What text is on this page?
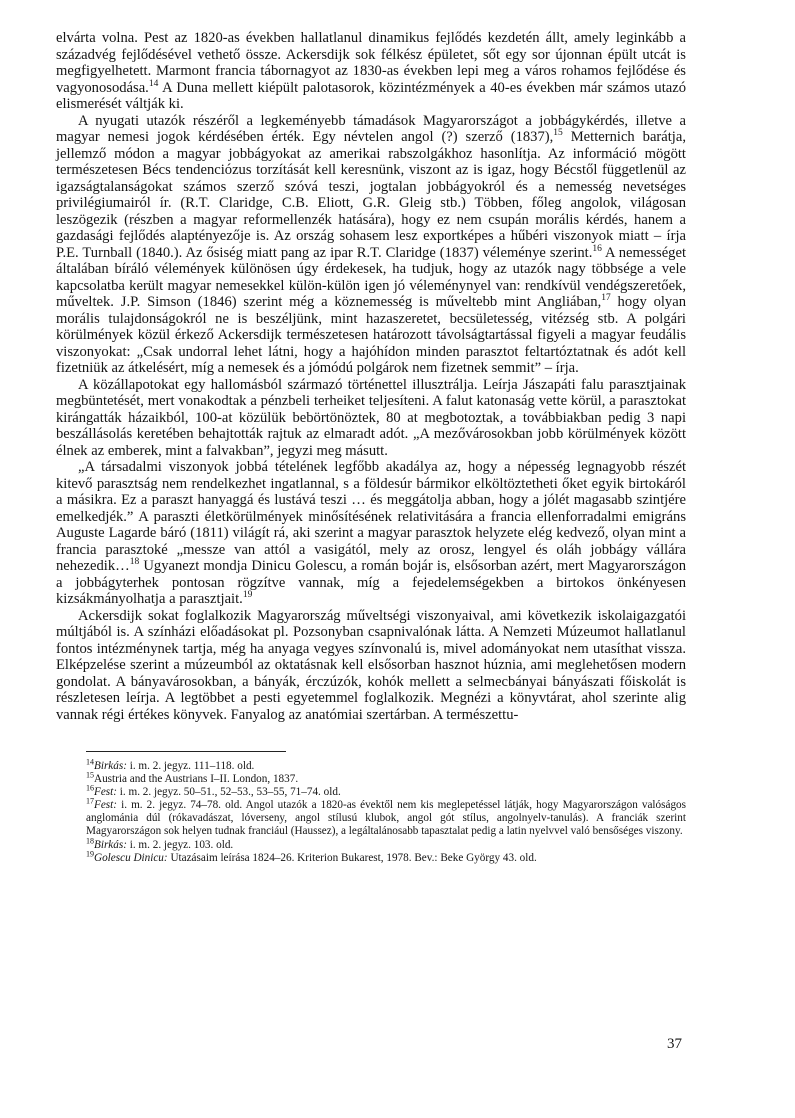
elvárta volna. Pest az 1820-as években hallatlanul dinamikus fejlődés kezdetén állt, amely leginkább a századvég fejlődésével vethető össze. Ackersdijk sok félkész épületet, sőt egy sor újonnan épült utcát is megfigyelhetett. Marmont francia tábornagyot az 1830-as években lepi meg a város rohamos fejlődése és vagyonosodása.$^{14}$ A Duna mellett kiépült palotasorok, közintézmények a 40-es években már számos utazó elismerését váltják ki.

A nyugati utazók részéről a legkeményebb támadások Magyarországot a jobbágykérdés, illetve a magyar nemesi jogok kérdésében érték. Egy névtelen angol (?) szerző (1837),$^{15}$ Metternich barátja, jellemző módon a magyar jobbágyokat az amerikai rabszolgákhoz hasonlítja. Az információ mögött természetesen Bécs tendenciózus torzítását kell keresnünk, viszont az is igaz, hogy Bécstől függetlenül az igazságtalanságokat számos szerző szóvá teszi, jogtalan jobbágyokról és a nemesség nevetséges privilégiumairól ír. (R.T. Claridge, C.B. Eliott, G.R. Gleig stb.) Többen, főleg angolok, világosan leszögezik (részben a magyar reformellenzék hatására), hogy ez nem csupán morális kérdés, hanem a gazdasági fejlődés alaptényezője is. Az ország sohasem lesz exportképes a hűbéri viszonyok miatt – írja P.E. Turnball (1840.). Az ősiség miatt pang az ipar R.T. Claridge (1837) véleménye szerint.$^{16}$ A nemességet általában bíráló vélemények különösen úgy érdekesek, ha tudjuk, hogy az utazók nagy többsége a vele kapcsolatba került magyar nemesekkel külön-külön igen jó véleménynyel van: rendkívül vendégszeretőek, műveltek. J.P. Simson (1846) szerint még a köznemesség is műveltebb mint Angliában,$^{17}$ hogy olyan morális tulajdonságokról ne is beszéljünk, mint hazaszeretet, becsületesség, vitézség stb. A polgári körülmények közül érkező Ackersdijk természetesen határozott távolságtartással figyeli a magyar feudális viszonyokat: „Csak undorral lehet látni, hogy a hajóhídon minden parasztot feltartóztatnak és adót kell fizetniük az átkelésért, míg a nemesek és a jómódú polgárok nem fizetnek semmit” – írja.

A közállapotokat egy hallomásból származó történettel illusztrálja. Leírja Jászapáti falu parasztjainak megbüntetését, mert vonakodtak a pénzbeli terheiket teljesíteni. A falut katonaság vette körül, a parasztokat kirángatták házaikból, 100-at közülük bebörtönöztek, 80 at megbotoztak, a továbbiakban pedig 3 napi beszállásolás keretében behajtották rajtuk az elmaradt adót. „A mezővárosokban jobb körülmények között élnek az emberek, mint a falvakban”, jegyzi meg másutt.

„A társadalmi viszonyok jobbá tételének legfőbb akadálya az, hogy a népesség legnagyobb részét kitevő parasztság nem rendelkezhet ingatlannal, s a földesúr bármikor elköltöztetheti őket egyik birtokáról a másikra. Ez a paraszt hanyaggá és lustává teszi … és meggátolja abban, hogy a jólét magasabb szintjére emelkedjék.” A paraszti életkörülmények minősítésének relativitására a francia ellenforradalmi emigráns Auguste Lagarde báró (1811) világít rá, aki szerint a magyar parasztok helyzete elég kedvező, olyan mint a francia parasztoké „messze van attól a vasigától, mely az orosz, lengyel és oláh jobbágy vállára nehezedik…$^{18}$ Ugyanezt mondja Dinicu Golescu, a román bojár is, elsősorban azért, mert Magyarországon a jobbágyterhek pontosan rögzítve vannak, míg a fejedelemségekben a birtokos önkényesen kizsákmányolhatja a parasztjait.$^{19}$

Ackersdijk sokat foglalkozik Magyarország műveltségi viszonyaival, ami következik iskolaigazgatói múltjából is. A színházi előadásokat pl. Pozsonyban csapnivalónak látta. A Nemzeti Múzeumot hallatlanul fontos intézménynek tartja, még ha anyaga vegyes színvonalú is, mivel adományokat nem utasíthat vissza. Elképzelése szerint a múzeumból az oktatásnak kell elsősorban hasznot húznia, ami meglehetősen modern gondolat. A bányavárosokban, a bányák, érczúzók, kohók mellett a selmecbányai bányászati főiskolát is részletesen leírja. A legtöbbet a pesti egyetemmel foglalkozik. Megnézi a könyvtárat, ahol szerinte alig vannak régi értékes könyvek. Fanyalog az anatómiai szertárban. A természettu-

$^{14}$Birkás: i. m. 2. jegyz. 111–118. old.
$^{15}$Austria and the Austrians I–II. London, 1837.
$^{16}$Fest: i. m. 2. jegyz. 50–51., 52–53., 53–55, 71–74. old.
$^{17}$Fest: i. m. 2. jegyz. 74–78. old. Angol utazók a 1820-as évektől nem kis meglepetéssel látják, hogy Magyarországon valóságos anglománia dúl (rókavadászat, lóverseny, angol stílusú klubok, angol gót stílus, angolnyelv-tanulás). A franciák szerint Magyarországon sok helyen tudnak franciául (Haussez), a legáltalánosabb tapasztalat pedig a latin nyelvvel való bensőséges viszony.
$^{18}$Birkás: i. m. 2. jegyz. 103. old.
$^{19}$Golescu Dinicu: Utazásaim leírása 1824–26. Kriterion Bukarest, 1978. Bev.: Beke György 43. old.
37
